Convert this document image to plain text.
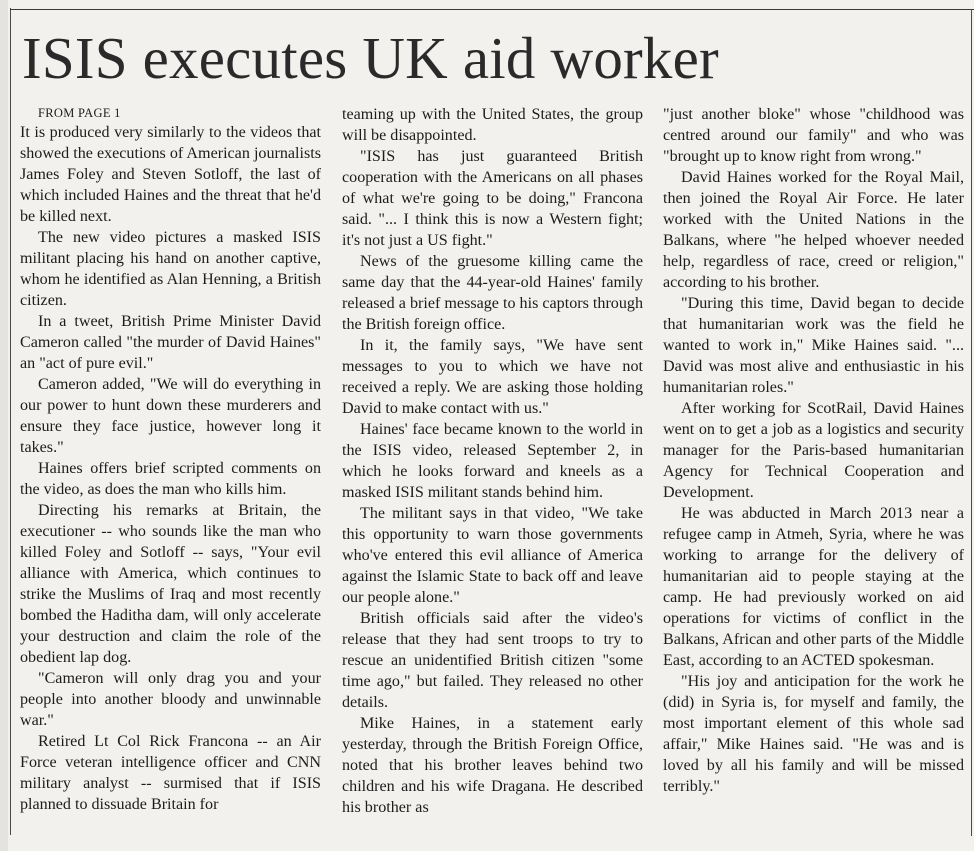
ISIS executes UK aid worker

FROM PAGE 1

It is produced very similarly to the videos that showed the executions of American journalists James Foley and Steven Sotloff, the last of which included Haines and the threat that he'd be killed next.

The new video pictures a masked ISIS militant placing his hand on another captive, whom he identified as Alan Henning, a British citizen.

In a tweet, British Prime Minister David Cameron called "the murder of David Haines" an "act of pure evil."

Cameron added, "We will do everything in our power to hunt down these murderers and ensure they face justice, however long it takes."

Haines offers brief scripted comments on the video, as does the man who kills him.

Directing his remarks at Britain, the executioner -- who sounds like the man who killed Foley and Sotloff -- says, "Your evil alliance with America, which continues to strike the Muslims of Iraq and most recently bombed the Haditha dam, will only accelerate your destruction and claim the role of the obedient lap dog.

"Cameron will only drag you and your people into another bloody and unwinnable war."

Retired Lt Col Rick Francona -- an Air Force veteran intelligence officer and CNN military analyst -- surmised that if ISIS planned to dissuade Britain for

teaming up with the United States, the group will be disappointed.

"ISIS has just guaranteed British cooperation with the Americans on all phases of what we're going to be doing," Francona said. "... I think this is now a Western fight; it's not just a US fight."

News of the gruesome killing came the same day that the 44-year-old Haines' family released a brief message to his captors through the British foreign office.

In it, the family says, "We have sent messages to you to which we have not received a reply. We are asking those holding David to make contact with us."

Haines' face became known to the world in the ISIS video, released September 2, in which he looks forward and kneels as a masked ISIS militant stands behind him.

The militant says in that video, "We take this opportunity to warn those governments who've entered this evil alliance of America against the Islamic State to back off and leave our people alone."

British officials said after the video's release that they had sent troops to try to rescue an unidentified British citizen "some time ago," but failed. They released no other details.

Mike Haines, in a statement early yesterday, through the British Foreign Office, noted that his brother leaves behind two children and his wife Dragana. He described his brother as

"just another bloke" whose "childhood was centred around our family" and who was "brought up to know right from wrong."

David Haines worked for the Royal Mail, then joined the Royal Air Force. He later worked with the United Nations in the Balkans, where "he helped whoever needed help, regardless of race, creed or religion," according to his brother.

"During this time, David began to decide that humanitarian work was the field he wanted to work in," Mike Haines said. "... David was most alive and enthusiastic in his humanitarian roles."

After working for ScotRail, David Haines went on to get a job as a logistics and security manager for the Paris-based humanitarian Agency for Technical Cooperation and Development.

He was abducted in March 2013 near a refugee camp in Atmeh, Syria, where he was working to arrange for the delivery of humanitarian aid to people staying at the camp. He had previously worked on aid operations for victims of conflict in the Balkans, African and other parts of the Middle East, according to an ACTED spokesman.

"His joy and anticipation for the work he (did) in Syria is, for myself and family, the most important element of this whole sad affair," Mike Haines said. "He was and is loved by all his family and will be missed terribly."
